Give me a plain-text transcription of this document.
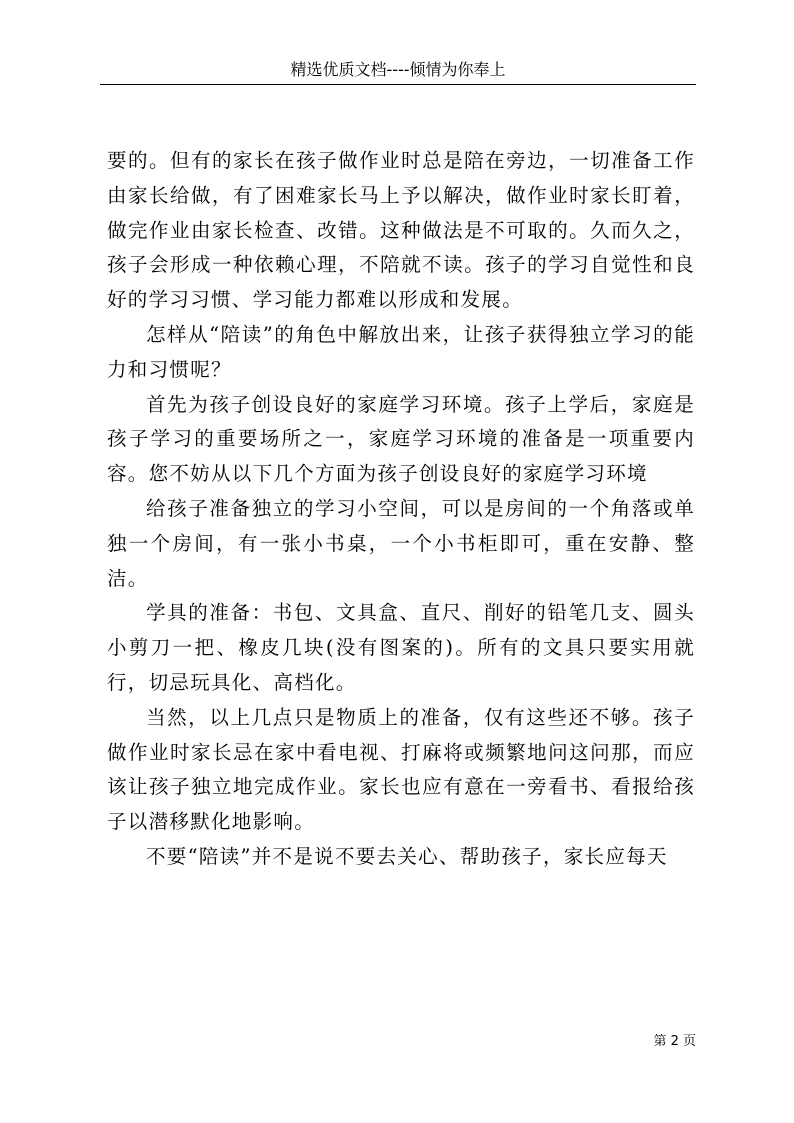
精选优质文档----倾情为你奉上

要的。但有的家长在孩子做作业时总是陪在旁边，一切准备工作由家长给做，有了困难家长马上予以解决，做作业时家长盯着，做完作业由家长检查、改错。这种做法是不可取的。久而久之，孩子会形成一种依赖心理，不陪就不读。孩子的学习自觉性和良好的学习习惯、学习能力都难以形成和发展。

怎样从“陪读”的角色中解放出来，让孩子获得独立学习的能力和习惯呢？

首先为孩子创设良好的家庭学习环境。孩子上学后，家庭是孩子学习的重要场所之一，家庭学习环境的准备是一项重要内容。您不妨从以下几个方面为孩子创设良好的家庭学习环境

给孩子准备独立的学习小空间，可以是房间的一个角落或单独一个房间，有一张小书桌，一个小书柜即可，重在安静、整洁。

学具的准备：书包、文具盒、直尺、削好的铅笔几支、圆头小剪刀一把、橡皮几块(没有图案的)。所有的文具只要实用就行，切忌玩具化、高档化。

当然，以上几点只是物质上的准备，仅有这些还不够。孩子做作业时家长忌在家中看电视、打麻将或频繁地问这问那，而应该让孩子独立地完成作业。家长也应有意在一旁看书、看报给孩子以潜移默化地影响。

不要“陪读”并不是说不要去关心、帮助孩子，家长应每天

第 2 页
